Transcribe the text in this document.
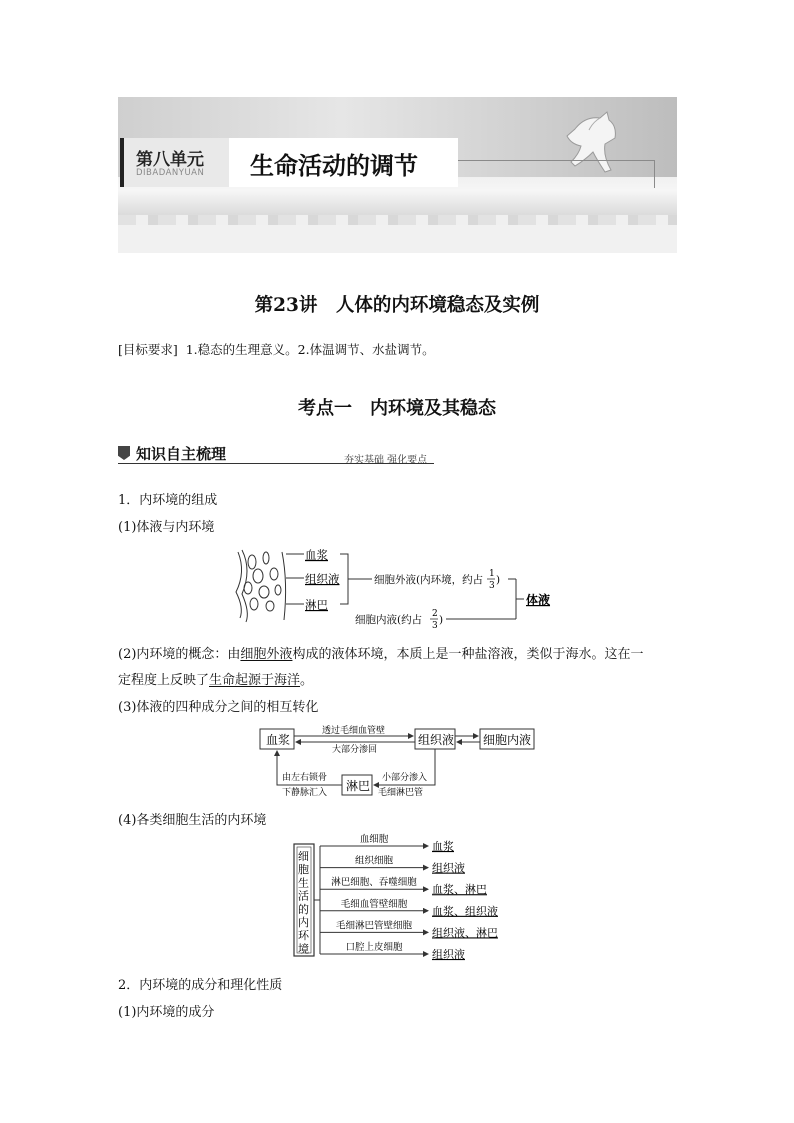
第八单元
DIBADANYUAN 生命活动的调节
第23讲　人体的内环境稳态及实例
[目标要求] 1.稳态的生理意义。2.体温调节、水盐调节。
考点一　内环境及其稳态
知识自主梳理	夯实基础 强化要点
1．内环境的组成
(1)体液与内环境
血浆
组织液
淋巴
细胞外液(内环境，约占 1
3 )
细胞内液(约占 2
3 )
体液
(2)内环境的概念：由细胞外液构成的液体环境，本质上是一种盐溶液，类似于海水。这在一
定程度上反映了生命起源于海洋。
(3)体液的四种成分之间的相互转化
血浆	组织液 细胞内液
淋巴
透过毛细血管壁
大部分渗回
由左右锁骨
下静脉汇入
小部分渗入
毛细淋巴管
(4)各类细胞生活的内环境
细
胞
生
活
的
内
环
境
血细胞
血浆
组织细胞
组织液
淋巴细胞、吞噬细胞
血浆、淋巴
毛细血管壁细胞
血浆、组织液
毛细淋巴管壁细胞
组织液、淋巴
口腔上皮细胞
组织液
2．内环境的成分和理化性质
(1)内环境的成分
